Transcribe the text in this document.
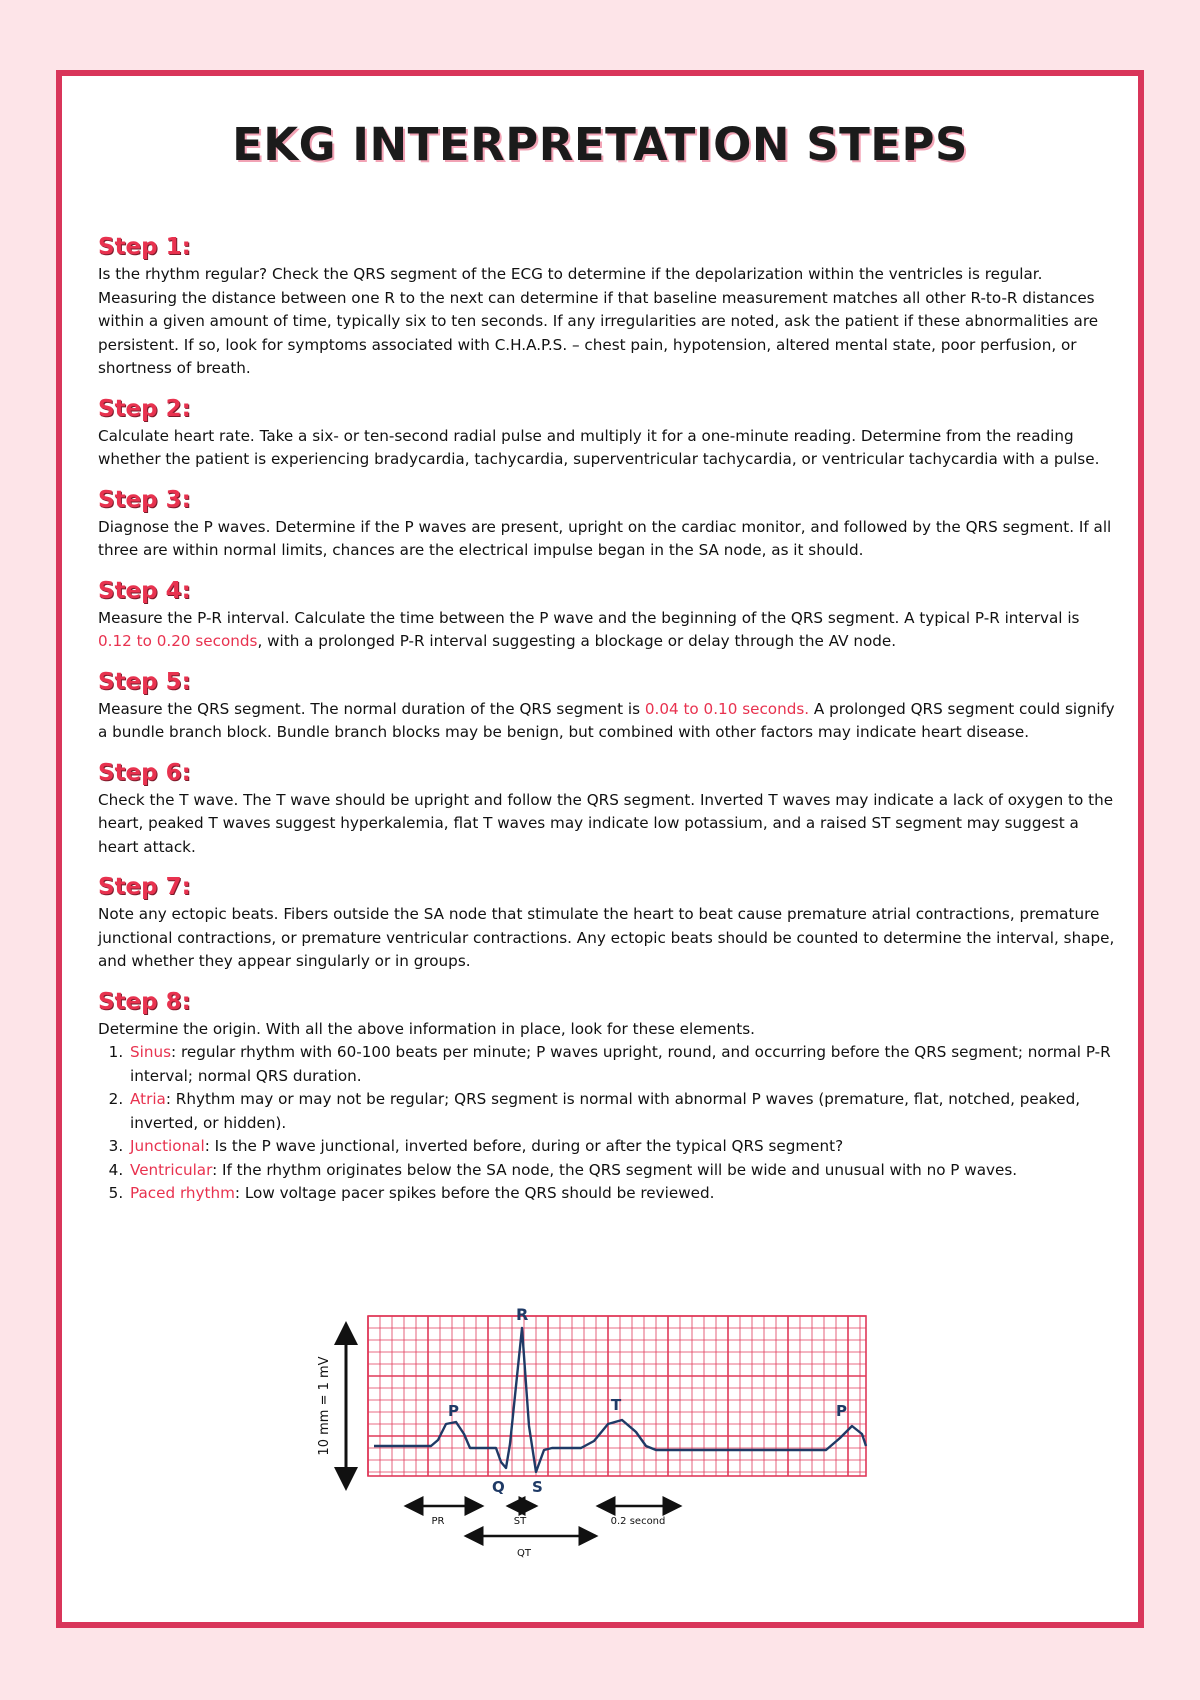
EKG INTERPRETATION STEPS
Step 1:

Is the rhythm regular? Check the QRS segment of the ECG to determine if the depolarization within the ventricles is regular. Measuring the distance between one R to the next can determine if that baseline measurement matches all other R-to-R distances within a given amount of time, typically six to ten seconds. If any irregularities are noted, ask the patient if these abnormalities are persistent. If so, look for symptoms associated with C.H.A.P.S. – chest pain, hypotension, altered mental state, poor perfusion, or shortness of breath.

Step 2:

Calculate heart rate. Take a six- or ten-second radial pulse and multiply it for a one-minute reading. Determine from the reading whether the patient is experiencing bradycardia, tachycardia, superventricular tachycardia, or ventricular tachycardia with a pulse.

Step 3:

Diagnose the P waves. Determine if the P waves are present, upright on the cardiac monitor, and followed by the QRS segment. If all three are within normal limits, chances are the electrical impulse began in the SA node, as it should.

Step 4:

Measure the P-R interval. Calculate the time between the P wave and the beginning of the QRS segment. A typical P-R interval is 0.12 to 0.20 seconds, with a prolonged P-R interval suggesting a blockage or delay through the AV node.

Step 5:

Measure the QRS segment. The normal duration of the QRS segment is 0.04 to 0.10 seconds. A prolonged QRS segment could signify a bundle branch block. Bundle branch blocks may be benign, but combined with other factors may indicate heart disease.

Step 6:

Check the T wave. The T wave should be upright and follow the QRS segment. Inverted T waves may indicate a lack of oxygen to the heart, peaked T waves suggest hyperkalemia, flat T waves may indicate low potassium, and a raised ST segment may suggest a heart attack.

Step 7:

Note any ectopic beats. Fibers outside the SA node that stimulate the heart to beat cause premature atrial contractions, premature junctional contractions, or premature ventricular contractions. Any ectopic beats should be counted to determine the interval, shape, and whether they appear singularly or in groups.

Step 8:

Determine the origin. With all the above information in place, look for these elements.

1. Sinus: regular rhythm with 60-100 beats per minute; P waves upright, round, and occurring before the QRS segment; normal P-R interval; normal QRS duration.
2. Atria: Rhythm may or may not be regular; QRS segment is normal with abnormal P waves (premature, flat, notched, peaked, inverted, or hidden).
3. Junctional: Is the P wave junctional, inverted before, during or after the typical QRS segment?
4. Ventricular: If the rhythm originates below the SA node, the QRS segment will be wide and unusual with no P waves.
5. Paced rhythm: Low voltage pacer spikes before the QRS should be reviewed.
10 mm = 1 mV	P
R
Q S
T	P
PR	ST	0.2 second
QT
